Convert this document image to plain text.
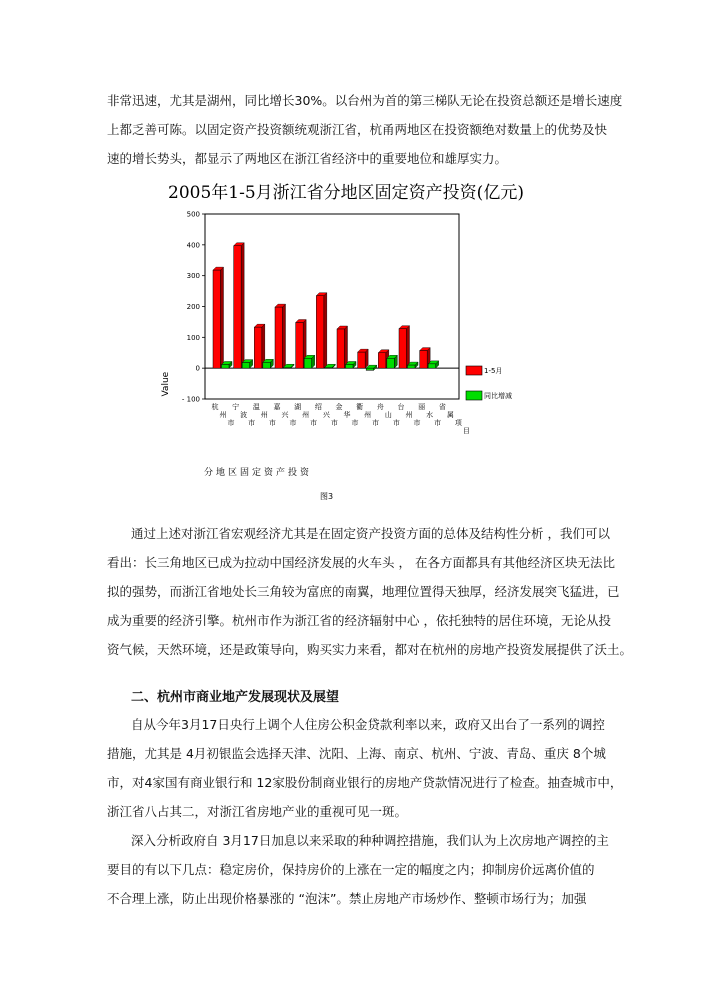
非常迅速，尤其是湖州，同比增长30%。以台州为首的第三梯队无论在投资总额还是增长速度
上都乏善可陈。以固定资产投资额统观浙江省，杭甬两地区在投资额绝对数量上的优势及快
速的增长势头，都显示了两地区在浙江省经济中的重要地位和雄厚实力。
2005年1-5月浙江省分地区固定资产投资(亿元)
500
400
300
200
100
0
- 100
Value
杭
州
市
宁
波
市
温
州
市
嘉
兴
市
湖
州
市
绍
兴
市
金
华
市
衢
州
市
舟
山
市
台
州
市
丽
水
市
省
属
项
目
1-5月
同比增减
分地区固定资产投资
图3
通过上述对浙江省宏观经济尤其是在固定资产投资方面的总体及结构性分析 ，我们可以
看出：长三角地区已成为拉动中国经济发展的火车头 ， 在各方面都具有其他经济区块无法比
拟的强势，而浙江省地处长三角较为富庶的南翼，地理位置得天独厚，经济发展突飞猛进，已
成为重要的经济引擎。杭州市作为浙江省的经济辐射中心 ，依托独特的居住环境，无论从投
资气候，天然环境，还是政策导向，购买实力来看，都对在杭州的房地产投资发展提供了沃土。
二、杭州市商业地产发展现状及展望
自从今年3月17日央行上调个人住房公积金贷款利率以来，政府又出台了一系列的调控
措施，尤其是 4月初银监会选择天津、沈阳、上海、南京、杭州、宁波、青岛、重庆 8个城
市，对4家国有商业银行和 12家股份制商业银行的房地产贷款情况进行了检查。抽查城市中，
浙江省八占其二，对浙江省房地产业的重视可见一斑。
深入分析政府自 3月17日加息以来采取的种种调控措施，我们认为上次房地产调控的主
要目的有以下几点：稳定房价，保持房价的上涨在一定的幅度之内；抑制房价远离价值的
不合理上涨，防止出现价格暴涨的 “泡沫”。禁止房地产市场炒作、整顿市场行为；加强
